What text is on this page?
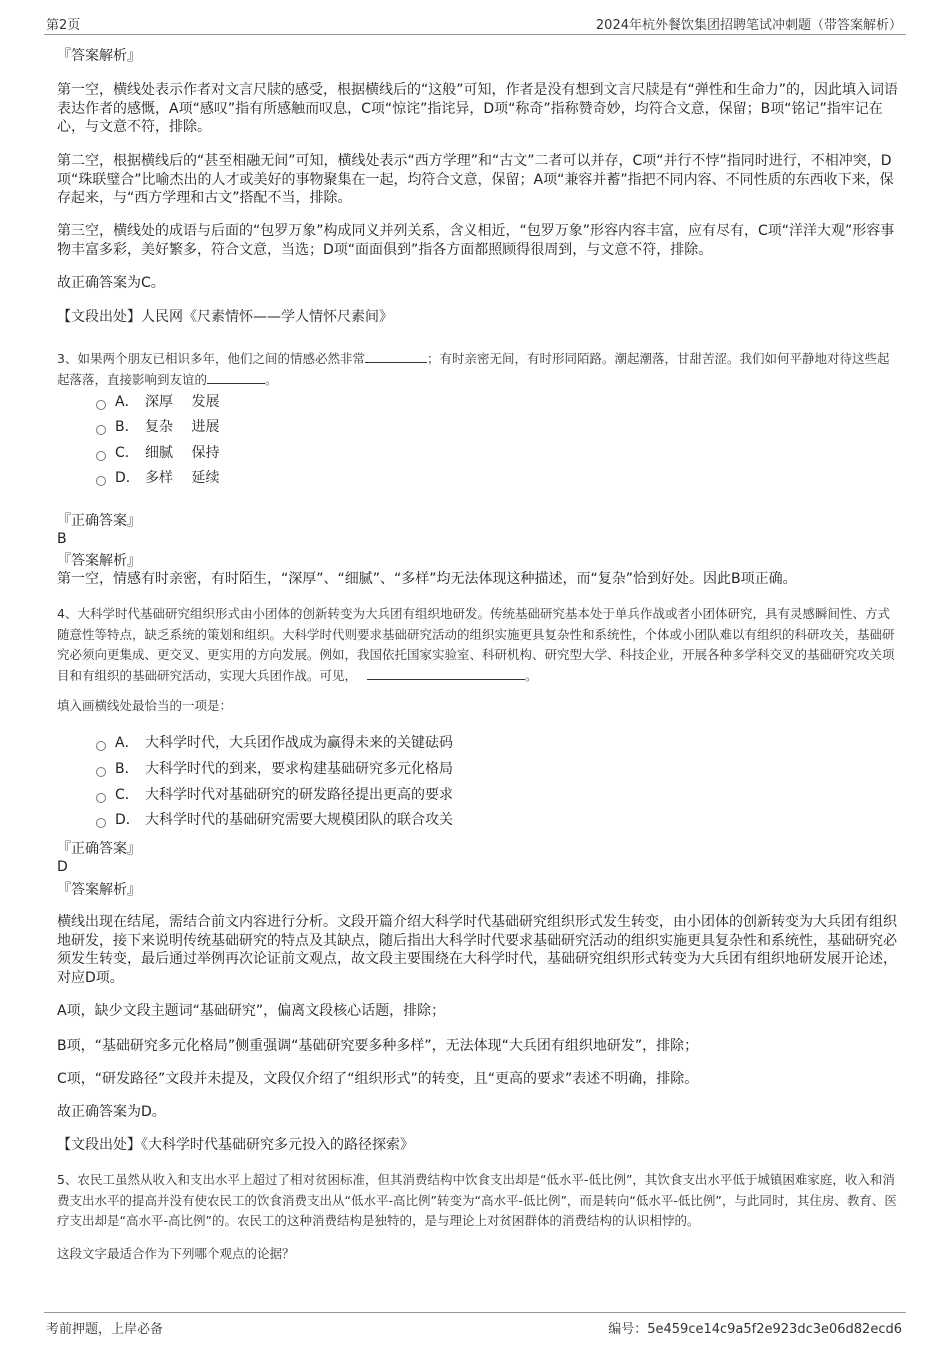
第2页	2024年杭外餐饮集团招聘笔试冲刺题（带答案解析）
『答案解析』
第一空，横线处表示作者对文言尺牍的感受，根据横线后的“这般”可知，作者是没有想到文言尺牍是有“弹性和生命力”的，因此填入词语表达作者的感慨，A项“感叹”指有所感触而叹息，C项“惊诧”指诧异，D项“称奇”指称赞奇妙，均符合文意，保留；B项“铭记”指牢记在心，与文意不符，排除。
第二空，根据横线后的“甚至相融无间”可知，横线处表示“西方学理”和“古文”二者可以并存，C项“并行不悖”指同时进行，不相冲突，D项“珠联璧合”比喻杰出的人才或美好的事物聚集在一起，均符合文意，保留；A项“兼容并蓄”指把不同内容、不同性质的东西收下来，保存起来，与“西方学理和古文”搭配不当，排除。
第三空，横线处的成语与后面的“包罗万象”构成同义并列关系，含义相近，“包罗万象”形容内容丰富，应有尽有，C项“洋洋大观”形容事物丰富多彩，美好繁多，符合文意，当选；D项“面面俱到”指各方面都照顾得很周到，与文意不符，排除。
故正确答案为C。
【文段出处】人民网《尺素情怀——学人情怀尺素间》
3、如果两个朋友已相识多年，他们之间的情感必然非常	；有时亲密无间，有时形同陌路。潮起潮落，甘甜苦涩。我们如何平静地对待这些起起落落，直接影响到友谊的	。
A． 深厚　 发展
B． 复杂　 进展
C． 细腻　 保持
D． 多样　 延续
『正确答案』
B
『答案解析』
第一空，情感有时亲密，有时陌生，“深厚”、“细腻”、“多样”均无法体现这种描述，而“复杂”恰到好处。因此B项正确。
4、大科学时代基础研究组织形式由小团体的创新转变为大兵团有组织地研发。传统基础研究基本处于单兵作战或者小团体研究，具有灵感瞬间性、方式随意性等特点，缺乏系统的策划和组织。大科学时代则要求基础研究活动的组织实施更具复杂性和系统性，个体或小团队难以有组织的科研攻关，基础研究必须向更集成、更交叉、更实用的方向发展。例如，我国依托国家实验室、科研机构、研究型大学、科技企业，开展各种多学科交叉的基础研究攻关项目和有组织的基础研究活动，实现大兵团作战。可见，	。
填入画横线处最恰当的一项是：
A． 大科学时代，大兵团作战成为赢得未来的关键砝码
B． 大科学时代的到来，要求构建基础研究多元化格局
C． 大科学时代对基础研究的研发路径提出更高的要求
D． 大科学时代的基础研究需要大规模团队的联合攻关
『正确答案』
D
『答案解析』
横线出现在结尾，需结合前文内容进行分析。文段开篇介绍大科学时代基础研究组织形式发生转变，由小团体的创新转变为大兵团有组织地研发，接下来说明传统基础研究的特点及其缺点，随后指出大科学时代要求基础研究活动的组织实施更具复杂性和系统性，基础研究必须发生转变，最后通过举例再次论证前文观点，故文段主要围绕在大科学时代，基础研究组织形式转变为大兵团有组织地研发展开论述，对应D项。
A项，缺少文段主题词“基础研究”，偏离文段核心话题，排除；
B项，“基础研究多元化格局”侧重强调“基础研究要多种多样”，无法体现“大兵团有组织地研发”，排除；
C项，“研发路径”文段并未提及，文段仅介绍了“组织形式”的转变，且“更高的要求”表述不明确，排除。
故正确答案为D。
【文段出处】《大科学时代基础研究多元投入的路径探索》
5、农民工虽然从收入和支出水平上超过了相对贫困标准，但其消费结构中饮食支出却是“低水平-低比例”，其饮食支出水平低于城镇困难家庭，收入和消费支出水平的提高并没有使农民工的饮食消费支出从“低水平-高比例”转变为“高水平-低比例”，而是转向“低水平-低比例”，与此同时，其住房、教育、医疗支出却是“高水平-高比例”的。农民工的这种消费结构是独特的，是与理论上对贫困群体的消费结构的认识相悖的。
这段文字最适合作为下列哪个观点的论据？
考前押题，上岸必备	编号：5e459ce14c9a5f2e923dc3e06d82ecd6
